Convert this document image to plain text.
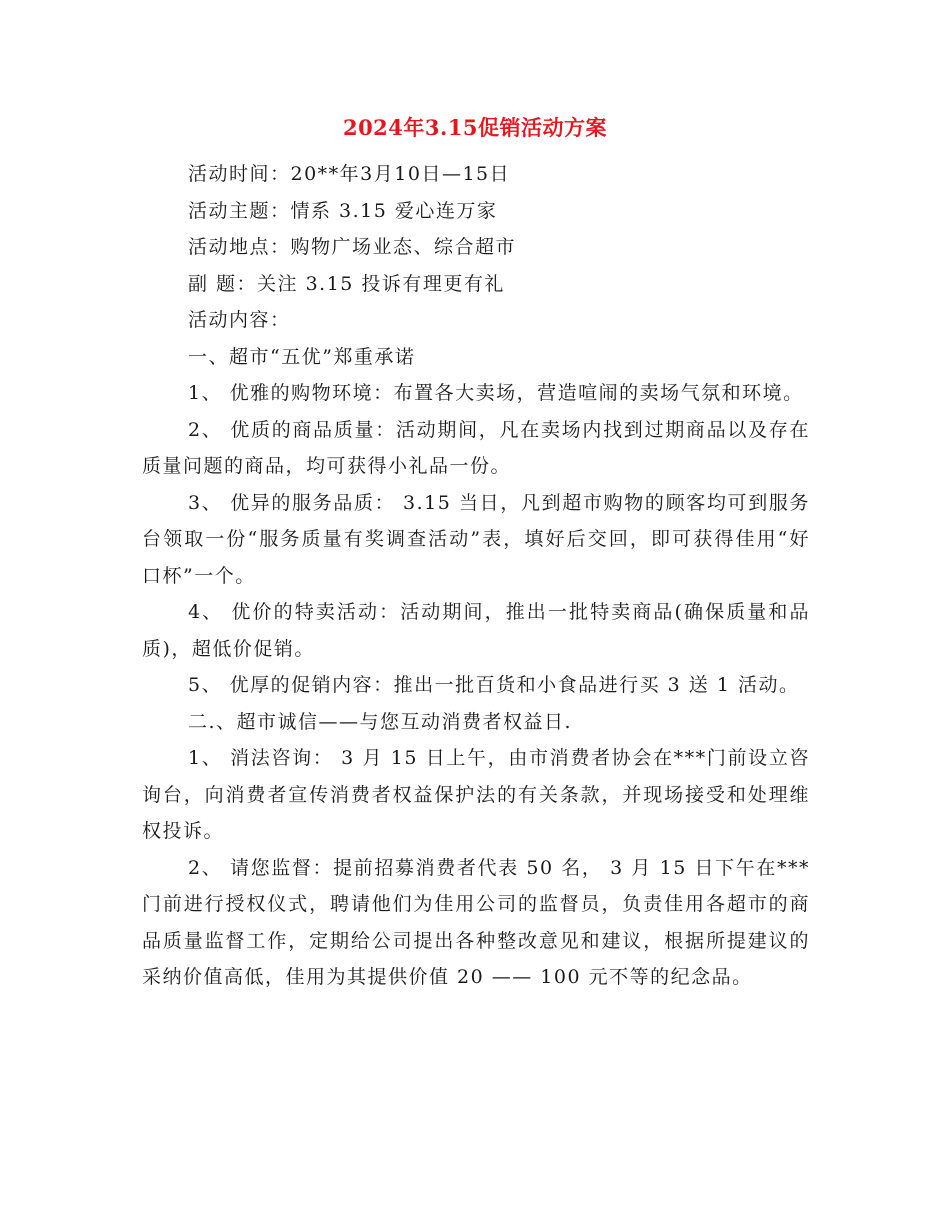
2024年3.15促销活动方案

活动时间：20**年3月10日—15日

活动主题：情系 3.15 爱心连万家

活动地点：购物广场业态、综合超市

副 题：关注 3.15 投诉有理更有礼

活动内容：

一、超市“五优”郑重承诺

1、 优雅的购物环境：布置各大卖场，营造喧闹的卖场气氛和环境。

2、 优质的商品质量：活动期间，凡在卖场内找到过期商品以及存在质量问题的商品，均可获得小礼品一份。

3、 优异的服务品质： 3.15 当日，凡到超市购物的顾客均可到服务台领取一份“服务质量有奖调查活动”表，填好后交回，即可获得佳用“好口杯”一个。

4、 优价的特卖活动：活动期间，推出一批特卖商品(确保质量和品质)，超低价促销。

5、 优厚的促销内容：推出一批百货和小食品进行买 3 送 1 活动。

二.、超市诚信——与您互动消费者权益日.

1、 消法咨询： 3 月 15 日上午，由市消费者协会在***门前设立咨询台，向消费者宣传消费者权益保护法的有关条款，并现场接受和处理维权投诉。

2、 请您监督：提前招募消费者代表 50 名， 3 月 15 日下午在***门前进行授权仪式，聘请他们为佳用公司的监督员，负责佳用各超市的商品质量监督工作，定期给公司提出各种整改意见和建议，根据所提建议的采纳价值高低，佳用为其提供价值 20 —— 100 元不等的纪念品。
